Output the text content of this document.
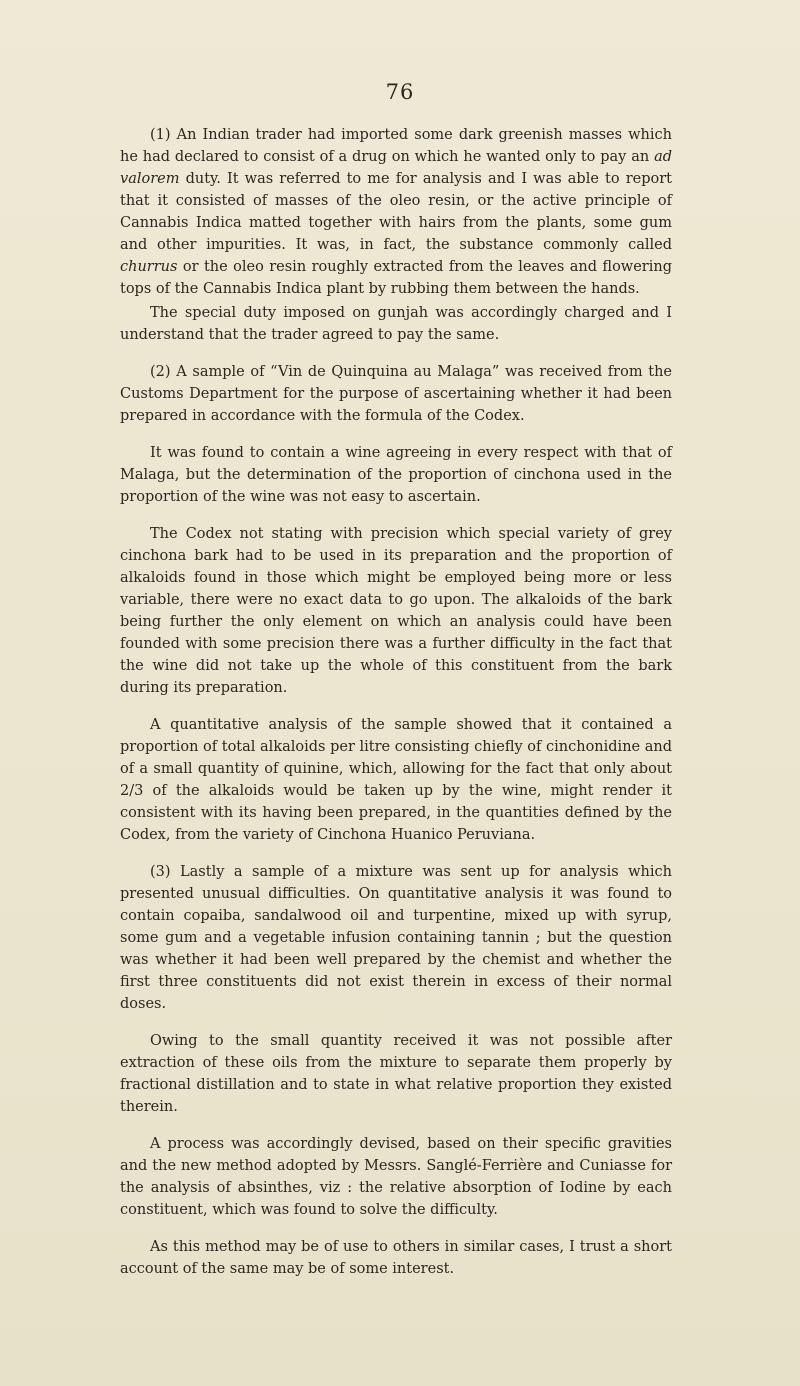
76

(1) An Indian trader had imported some dark greenish masses which he had declared to consist of a drug on which he wanted only to pay an ad valorem duty. It was referred to me for analysis and I was able to report that it consisted of masses of the oleo resin, or the active principle of Cannabis Indica matted together with hairs from the plants, some gum and other impurities. It was, in fact, the substance commonly called churrus or the oleo resin roughly extracted from the leaves and flowering tops of the Cannabis Indica plant by rubbing them between the hands.

The special duty imposed on gunjah was accordingly charged and I understand that the trader agreed to pay the same.

(2) A sample of “Vin de Quinquina au Malaga” was received from the Customs Department for the purpose of ascertaining whether it had been prepared in accordance with the formula of the Codex.

It was found to contain a wine agreeing in every respect with that of Malaga, but the determination of the proportion of cinchona used in the proportion of the wine was not easy to ascertain.

The Codex not stating with precision which special variety of grey cinchona bark had to be used in its preparation and the proportion of alkaloids found in those which might be employed being more or less variable, there were no exact data to go upon. The alkaloids of the bark being further the only element on which an analysis could have been founded with some precision there was a further difficulty in the fact that the wine did not take up the whole of this constituent from the bark during its preparation.

A quantitative analysis of the sample showed that it contained a proportion of total alkaloids per litre consisting chiefly of cinchonidine and of a small quantity of quinine, which, allowing for the fact that only about 2/3 of the alkaloids would be taken up by the wine, might render it consistent with its having been prepared, in the quantities defined by the Codex, from the variety of Cinchona Huanico Peruviana.

(3) Lastly a sample of a mixture was sent up for analysis which presented unusual difficulties. On quantitative analysis it was found to contain copaiba, sandalwood oil and turpentine, mixed up with syrup, some gum and a vegetable infusion containing tannin ; but the question was whether it had been well prepared by the chemist and whether the first three constituents did not exist therein in excess of their normal doses.

Owing to the small quantity received it was not possible after extraction of these oils from the mixture to separate them properly by fractional distillation and to state in what relative proportion they existed therein.

A process was accordingly devised, based on their specific gravities and the new method adopted by Messrs. Sanglé-Ferrière and Cuniasse for the analysis of absinthes, viz : the relative absorption of Iodine by each constituent, which was found to solve the difficulty.

As this method may be of use to others in similar cases, I trust a short account of the same may be of some interest.
